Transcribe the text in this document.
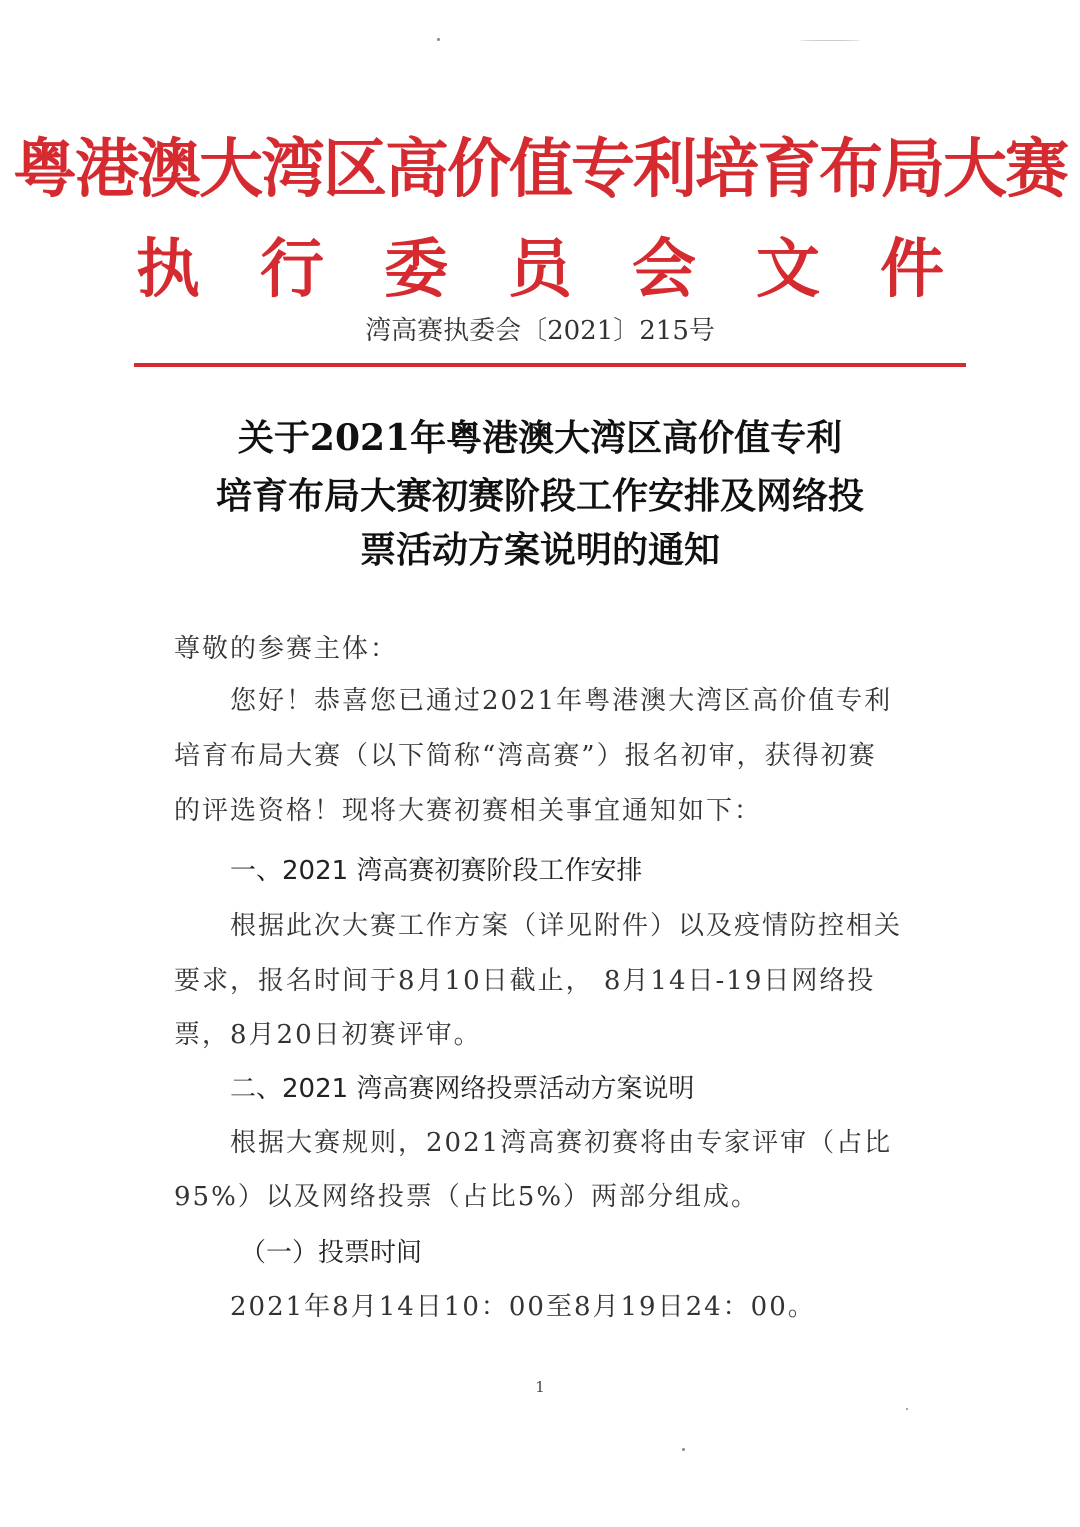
粤港澳大湾区高价值专利培育布局大赛
执行委员会文件
湾高赛执委会〔2021〕215号
关于2021年粤港澳大湾区高价值专利
培育布局大赛初赛阶段工作安排及网络投
票活动方案说明的通知
尊敬的参赛主体：
您好！恭喜您已通过2021年粤港澳大湾区高价值专利
培育布局大赛（以下简称“湾高赛”）报名初审，获得初赛
的评选资格！现将大赛初赛相关事宜通知如下：
一、2021 湾高赛初赛阶段工作安排
根据此次大赛工作方案（详见附件）以及疫情防控相关
要求，报名时间于8月10日截止， 8月14日-19日网络投
票，8月20日初赛评审。
二、2021 湾高赛网络投票活动方案说明
根据大赛规则，2021湾高赛初赛将由专家评审（占比
95%）以及网络投票（占比5%）两部分组成。
（一）投票时间
2021年8月14日10：00至8月19日24：00。
1
